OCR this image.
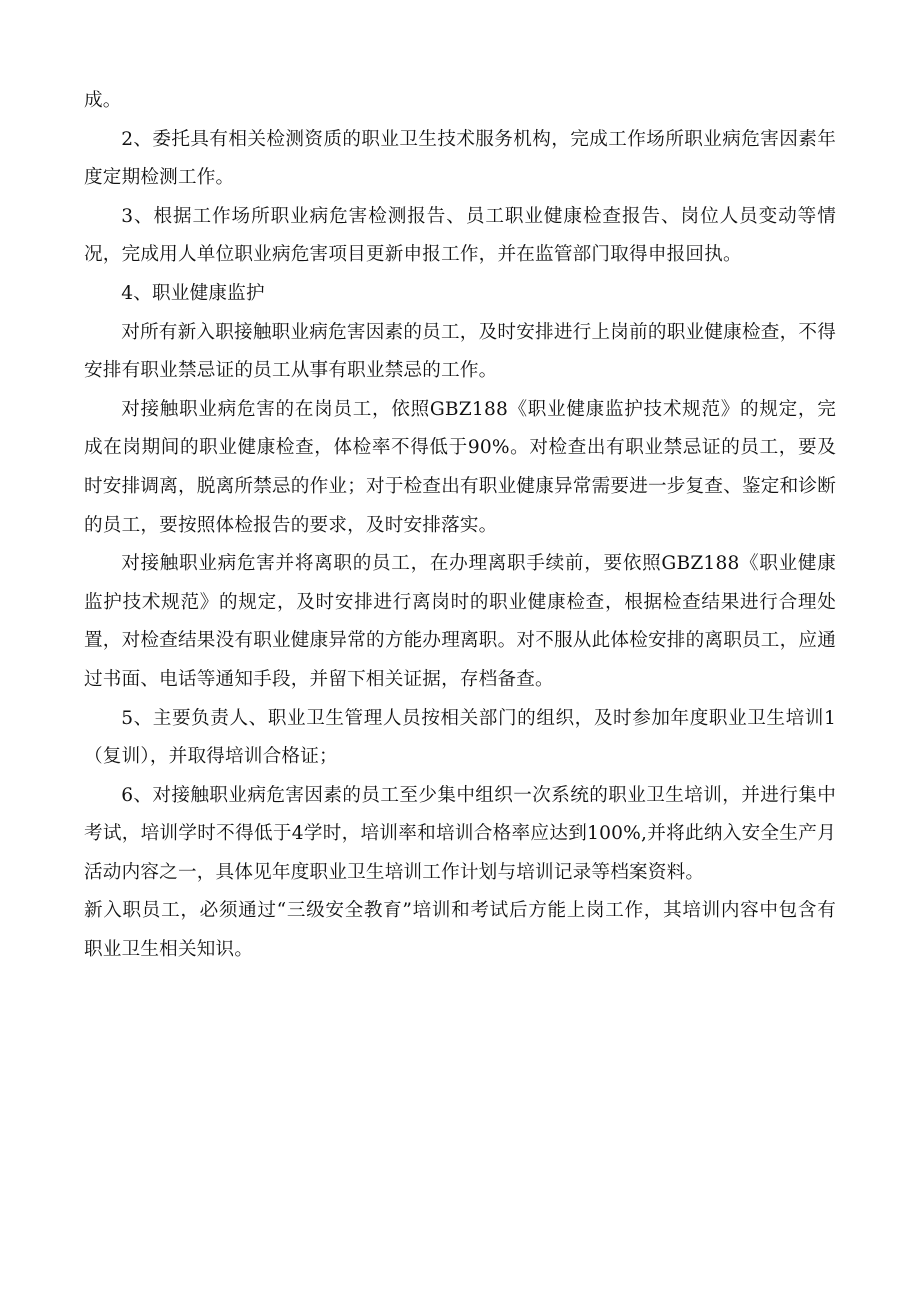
成。

2、委托具有相关检测资质的职业卫生技术服务机构，完成工作场所职业病危害因素年度定期检测工作。

3、根据工作场所职业病危害检测报告、员工职业健康检查报告、岗位人员变动等情况，完成用人单位职业病危害项目更新申报工作，并在监管部门取得申报回执。

4、职业健康监护

对所有新入职接触职业病危害因素的员工，及时安排进行上岗前的职业健康检查，不得安排有职业禁忌证的员工从事有职业禁忌的工作。

对接触职业病危害的在岗员工，依照GBZ188《职业健康监护技术规范》的规定，完成在岗期间的职业健康检查，体检率不得低于90%。对检查出有职业禁忌证的员工，要及时安排调离，脱离所禁忌的作业；对于检查出有职业健康异常需要进一步复查、鉴定和诊断的员工，要按照体检报告的要求，及时安排落实。

对接触职业病危害并将离职的员工，在办理离职手续前，要依照GBZ188《职业健康监护技术规范》的规定，及时安排进行离岗时的职业健康检查，根据检查结果进行合理处置，对检查结果没有职业健康异常的方能办理离职。对不服从此体检安排的离职员工，应通过书面、电话等通知手段，并留下相关证据，存档备查。

5、主要负责人、职业卫生管理人员按相关部门的组织，及时参加年度职业卫生培训1（复训），并取得培训合格证；

6、对接触职业病危害因素的员工至少集中组织一次系统的职业卫生培训，并进行集中考试，培训学时不得低于4学时，培训率和培训合格率应达到100%,并将此纳入安全生产月活动内容之一，具体见年度职业卫生培训工作计划与培训记录等档案资料。

新入职员工，必须通过“三级安全教育”培训和考试后方能上岗工作，其培训内容中包含有职业卫生相关知识。
